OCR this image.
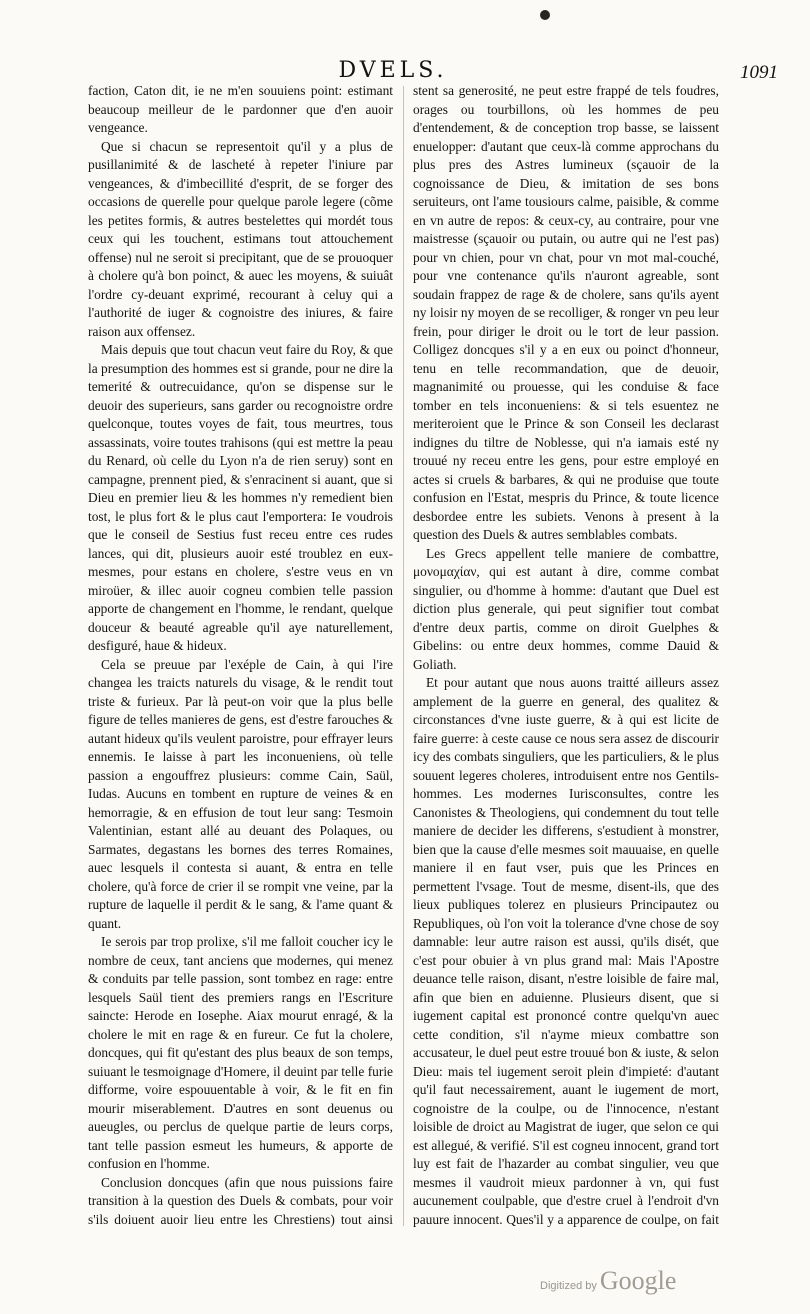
DVELS.	1091

faction, Caton dit, ie ne m'en souuiens point: estimant beaucoup meilleur de le pardonner que d'en auoir vengeance.

Que si chacun se representoit qu'il y a plus de pusillanimité & de lascheté à repeter l'iniure par vengeances, & d'imbecillité d'esprit, de se forger des occasions de querelle pour quelque parole legere (cõme les petites formis, & autres bestelettes qui mordét tous ceux qui les touchent, estimans tout attouchement offense) nul ne seroit si precipitant, que de se prouoquer à cholere qu'à bon poinct, & auec les moyens, & suiuât l'ordre cy-deuant exprimé, recourant à celuy qui a l'authorité de iuger & cognoistre des iniures, & faire raison aux offensez.

Mais depuis que tout chacun veut faire du Roy, & que la presumption des hommes est si grande, pour ne dire la temerité & outrecuidance, qu'on se dispense sur le deuoir des superieurs, sans garder ou recognoistre ordre quelconque, toutes voyes de fait, tous meurtres, tous assassinats, voire toutes trahisons (qui est mettre la peau du Renard, où celle du Lyon n'a de rien seruy) sont en campagne, prennent pied, & s'enracinent si auant, que si Dieu en premier lieu & les hommes n'y remedient bien tost, le plus fort & le plus caut l'emportera: Ie voudrois que le conseil de Sestius fust receu entre ces rudes lances, qui dit, plusieurs auoir esté troublez en eux-mesmes, pour estans en cholere, s'estre veus en vn miroüer, & illec auoir cogneu combien telle passion apporte de changement en l'homme, le rendant, quelque douceur & beauté agreable qu'il aye naturellement, desfiguré, haue & hideux.

Cela se preuue par l'exéple de Cain, à qui l'ire changea les traicts naturels du visage, & le rendit tout triste & furieux. Par là peut-on voir que la plus belle figure de telles manieres de gens, est d'estre farouches & autant hideux qu'ils veulent paroistre, pour effrayer leurs ennemis. Ie laisse à part les inconueniens, où telle passion a engouffrez plusieurs: comme Cain, Saül, Iudas. Aucuns en tombent en rupture de veines & en hemorragie, & en effusion de tout leur sang: Tesmoin Valentinian, estant allé au deuant des Polaques, ou Sarmates, degastans les bornes des terres Romaines, auec lesquels il contesta si auant, & entra en telle cholere, qu'à force de crier il se rompit vne veine, par la rupture de laquelle il perdit & le sang, & l'ame quant & quant.

Ie serois par trop prolixe, s'il me falloit coucher icy le nombre de ceux, tant anciens que modernes, qui menez & conduits par telle passion, sont tombez en rage: entre lesquels Saül tient des premiers rangs en l'Escriture saincte: Herode en Iosephe. Aiax mourut enragé, & la cholere le mit en rage & en fureur. Ce fut la cholere, doncques, qui fit qu'estant des plus beaux de son temps, suiuant le tesmoignage d'Homere, il deuint par telle furie difforme, voire espouuentable à voir, & le fit en fin mourir miserablement. D'autres en sont deuenus ou aueugles, ou perclus de quelque partie de leurs corps, tant telle passion esmeut les humeurs, & apporte de confusion en l'homme.

Conclusion doncques (afin que nous puissions faire transition à la question des Duels & combats, pour voir s'ils doiuent auoir lieu entre les Chrestiens) tout ainsi

stent sa generosité, ne peut estre frappé de tels foudres, orages ou tourbillons, où les hommes de peu d'entendement, & de conception trop basse, se laissent enuelopper: d'autant que ceux-là comme approchans du plus pres des Astres lumineux (sçauoir de la cognoissance de Dieu, & imitation de ses bons seruiteurs, ont l'ame tousiours calme, paisible, & comme en vn autre de repos: & ceux-cy, au contraire, pour vne maistresse (sçauoir ou putain, ou autre qui ne l'est pas) pour vn chien, pour vn chat, pour vn mot mal-couché, pour vne contenance qu'ils n'auront agreable, sont soudain frappez de rage & de cholere, sans qu'ils ayent ny loisir ny moyen de se recolliger, & ronger vn peu leur frein, pour diriger le droit ou le tort de leur passion. Colligez doncques s'il y a en eux ou poinct d'honneur, tenu en telle recommandation, que de deuoir, magnanimité ou prouesse, qui les conduise & face tomber en tels inconueniens: & si tels esuentez ne meriteroient que le Prince & son Conseil les declarast indignes du tiltre de Noblesse, qui n'a iamais esté ny trouué ny receu entre les gens, pour estre employé en actes si cruels & barbares, & qui ne produise que toute confusion en l'Estat, mespris du Prince, & toute licence desbordee entre les subiets. Venons à present à la question des Duels & autres semblables combats.

Les Grecs appellent telle maniere de combattre, μονομαχίαν, qui est autant à dire, comme combat singulier, ou d'homme à homme: d'autant que Duel est diction plus generale, qui peut signifier tout combat d'entre deux partis, comme on diroit Guelphes & Gibelins: ou entre deux hommes, comme Dauid & Goliath.

Et pour autant que nous auons traitté ailleurs assez amplement de la guerre en general, des qualitez & circonstances d'vne iuste guerre, & à qui est licite de faire guerre: à ceste cause ce nous sera assez de discourir icy des combats singuliers, que les particuliers, & le plus souuent legeres choleres, introduisent entre nos Gentils-hommes. Les modernes Iurisconsultes, contre les Canonistes & Theologiens, qui condemnent du tout telle maniere de decider les differens, s'estudient à monstrer, bien que la cause d'elle mesmes soit mauuaise, en quelle maniere il en faut vser, puis que les Princes en permettent l'vsage. Tout de mesme, disent-ils, que des lieux publiques tolerez en plusieurs Principautez ou Republiques, où l'on voit la tolerance d'vne chose de soy damnable: leur autre raison est aussi, qu'ils disét, que c'est pour obuier à vn plus grand mal: Mais l'Apostre deuance telle raison, disant, n'estre loisible de faire mal, afin que bien en aduienne. Plusieurs disent, que si iugement capital est prononcé contre quelqu'vn auec cette condition, s'il n'ayme mieux combattre son accusateur, le duel peut estre trouué bon & iuste, & selon Dieu: mais tel iugement seroit plein d'impieté: d'autant qu'il faut necessairement, auant le iugement de mort, cognoistre de la coulpe, ou de l'innocence, n'estant loisible de droict au Magistrat de iuger, que selon ce qui est allegué, & verifié. S'il est cogneu innocent, grand tort luy est fait de l'hazarder au combat singulier, veu que mesmes il vaudroit mieux pardonner à vn, qui fust aucunement coulpable, que d'estre cruel à l'endroit d'vn pauure innocent. Ques'il y a apparence de coulpe, on fait

Digitized by Google
